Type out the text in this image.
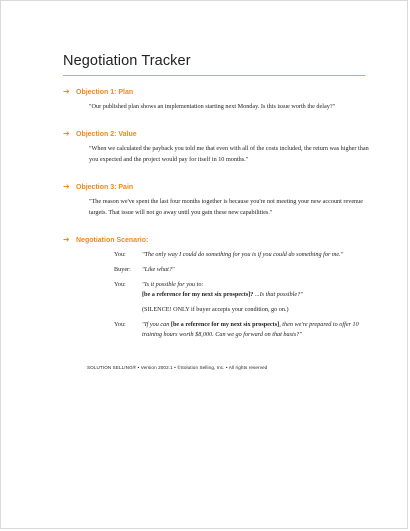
Negotiation Tracker
➔ Objection 1: Plan
"Our published plan shows an implementation starting next Monday. Is this issue worth the delay?"
➔ Objection 2: Value
"When we calculated the payback you told me that even with all of the costs included, the return was higher than you expected and the project would pay for itself in 10 months."
➔ Objection 3: Pain
"The reason we've spent the last four months together is because you're not meeting your new account revenue targets. That issue will not go away until you gain these new capabilities."
➔ Negotiation Scenario:
You:	"The only way I could do something for you is if you could do something for me."
Buyer:	"Like what?"
You:	"Is it possible for you to:
[be a reference for my next six prospects]? ...Is that possible?"
(SILENCE! ONLY if buyer accepts your condition, go on.)
You:	"If you can [be a reference for my next six prospects], then we're prepared to offer 10 training hours worth $8,000. Can we go forward on that basis?"
SOLUTION SELLING® • Version 2002.1 • ©Solution Selling, Inc. • All rights reserved
